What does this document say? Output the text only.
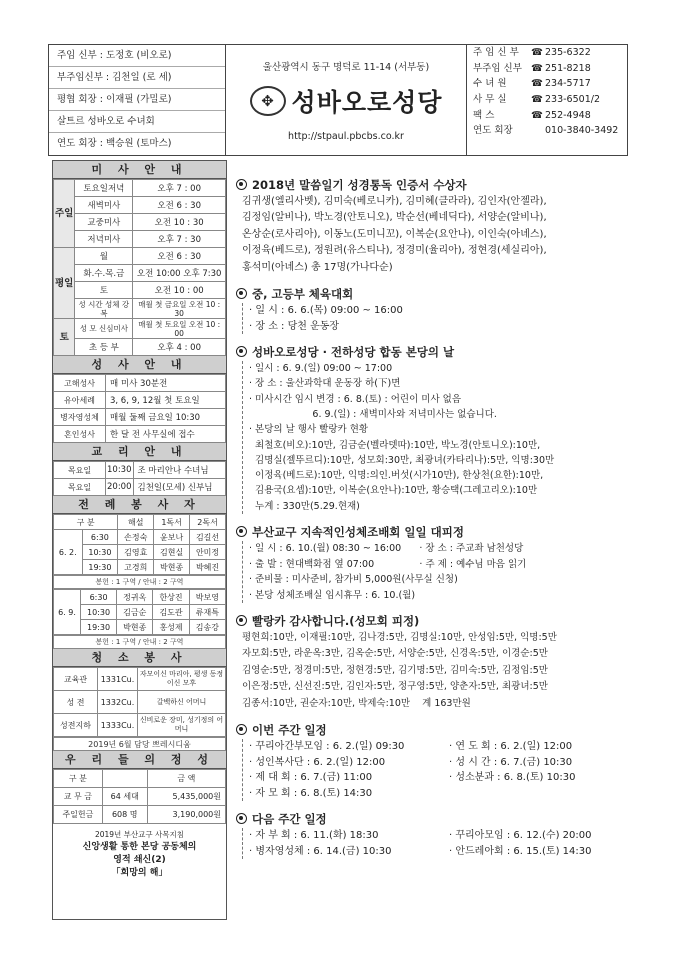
주임 신부 : 도정호 (비오로)
부주임신부 : 김천일 (로 세)
평협 회장 : 이재필 (가밀로)
살트르 성바오로 수녀회
연도 회장 : 백승원 (토마스)
울산광역시 동구 명덕로 11-14 (서부동)
✥ 성바오로성당
http://stpaul.pbcbs.co.kr
주 임 신 부	☎ 235-6322
부주임 신부 ☎ 251-8218
수 녀 원	☎ 234-5717
사 무 실	☎ 233-6501/2
팩 스	☎ 252-4948
연도 회장	010-3840-3492
미 사 안 내
주일	토요일저녁	오후 7 : 00
	새벽미사	오전 6 : 30
	교중미사	오전 10 : 30
	저녁미사	오후 7 : 30
평일	월	오전 6 : 30
	화.수.목.금	오전 10:00 오후 7:30
	토	오전 10 : 00
	성 시간 성체 강복	매월 첫 금요일 오전 10 : 30
토	성 모 신심미사	매월 첫 토요일 오전 10 : 00
	초 등 부	오후 4 : 00
성 사 안 내
고해성사	매 미사 30분전
유아세례	3, 6, 9, 12월 첫 토요일
병자영성체	매월 둘째 금요일 10:30
혼인성사	한 달 전 사무실에 접수
교 리 안 내
목요일	10:30	조 마리안나 수녀님
목요일	20:00	김천일(모세) 신부님
전 례 봉 사 자
구 분		해설	1독서	2독서
6. 2.	6:30	손정숙	윤보나	김길선
	10:30	김영효	김현실	안미정
	19:30	고경희	박현종	박혜진
봉헌 : 1 구역 / 안내 : 2 구역
6. 9.	6:30	정귀옥	한상진	박보영
	10:30	김금순	김도관	류재특
	19:30	박현종	홍성제	김송강
봉헌 : 1 구역 / 안내 : 2 구역
청 소 봉 사
교육관	1331Cu.	자모이신 마리아, 평생 동정이신 모후
성 전	1332Cu.	갈백하신 어머니
성전지하	1333Cu.	신비로운 장미, 성기정의 어머니
2019년 6월 담당 쁘레시디움
우 리 들 의 정 성
구 분		금 액
교 무 금	64 세대	5,435,000원
주일헌금	608 명	3,190,000원
2019년 부산교구 사목지침
신앙생활 통한 본당 공동체의
영적 쇄신(2)
「희망의 해」
2018년 말씀일기 성경통독 인증서 수상자
김귀생(엘리사벳), 김미숙(베로니카), 김미혜(클라라), 김인자(안젤라),
김정임(알비나), 박노경(안토니오), 박순선(베네딕다), 서양순(알비나),
온상순(로사리아), 이동노(도미니꼬), 이복순(요안나), 이인숙(아녜스),
이정육(베드로), 정원려(유스티나), 정경미(율리아), 정현경(세실리아),
홍석미(아녜스) 총 17명(가나다순)
중, 고등부 체육대회
· 일 시 : 6. 6.(목) 09:00 ~ 16:00
· 장 소 : 당천 운동장
성바오로성당 · 전하성당 합동 본당의 날
· 일시 : 6. 9.(일) 09:00 ~ 17:00
· 장 소 : 울산과학대 운동장 하(下)면
· 미사시간 임시 변경 : 6. 8.(토) : 어린이 미사 없음
6. 9.(일) : 새벽미사와 저녁미사는 없습니다.
· 본당의 날 행사 빨랑카 현황
최철호(비오):10만, 김금순(벨라뎃따):10만, 박노경(안토니오):10만,
김명실(젤뚜르디):10만, 성모회:30만, 최광녀(카타리나):5만, 익명:30만
이정육(베드로):10만, 익명:의인.버섯(시가10만), 한상천(요한):10만,
김용국(요셉):10만, 이복순(요안나):10만, 황승택(그레고리오):10만
누계 : 330만(5.29.현재)
부산교구 지속적인성체조배회 일일 대피정
· 일 시 : 6. 10.(월) 08:30 ~ 16:00      · 장 소 : 주교좌 남천성당
· 출 발 : 현대백화점 옆 07:00               · 주 제 : 예수님 마음 읽기
· 준비물 : 미사준비, 참가비 5,000원(사무실 신청)
· 본당 성체조배실 임시휴무 : 6. 10.(월)
빨랑카 감사합니다.(성모회 피정)
평현희:10만, 이재필:10만, 김나경:5만, 김명실:10만, 안성임:5만, 익명:5만
자모회:5만, 라운옥:3만, 김옥순:5만, 서양순:5만, 신경옥:5만, 이경순:5만
김영순:5만, 정경미:5만, 정현경:5만, 김기명:5만, 김미숙:5만, 김정임:5만
이은정:5만, 신선진:5만, 김인자:5만, 정구영:5만, 양춘자:5만, 최광녀:5만
김종서:10만, 권순자:10만, 박제숙:10만    계 163만원
이번 주간 일정
· 꾸리아간부모임 : 6. 2.(일) 09:30	· 연 도 회 : 6. 2.(일) 12:00
· 성인복사단 : 6. 2.(일) 12:00	· 성 시 간 : 6. 7.(금) 10:30
· 제 대 회 : 6. 7.(금) 11:00	· 성소분과 : 6. 8.(토) 10:30
· 자 모 회 : 6. 8.(토) 14:30
다음 주간 일정
· 자 부 회 : 6. 11.(화) 18:30	· 꾸리아모임 : 6. 12.(수) 20:00
· 병자영성체 : 6. 14.(금) 10:30	· 안드레아회 : 6. 15.(토) 14:30
